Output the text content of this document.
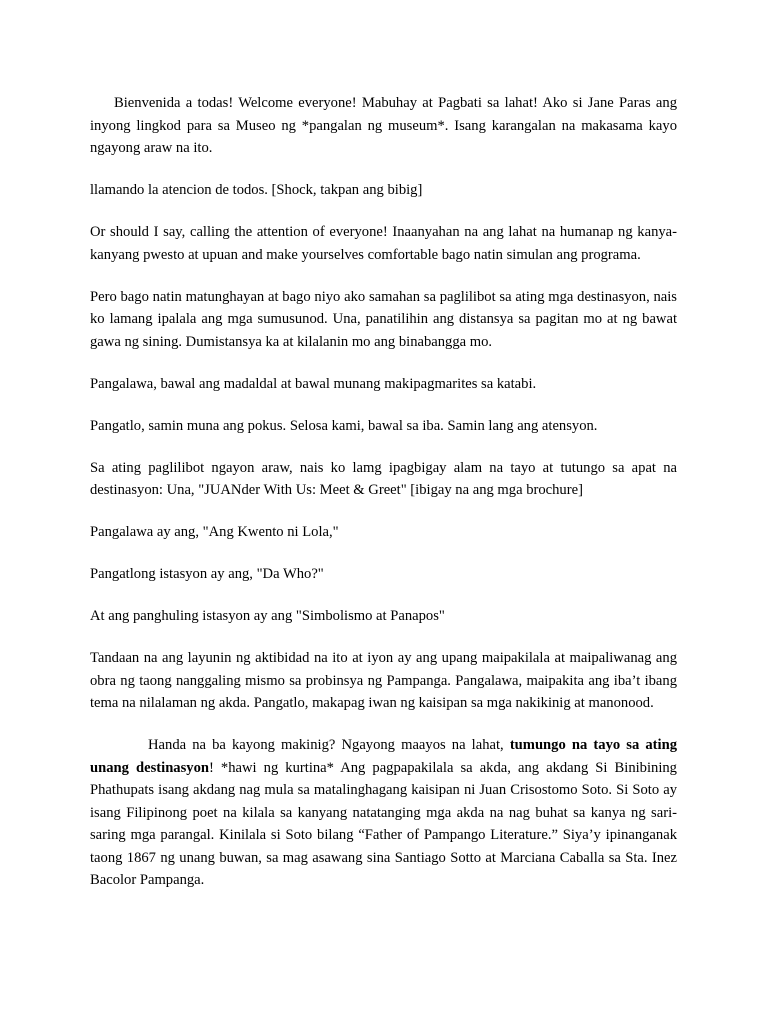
Bienvenida a todas! Welcome everyone! Mabuhay at Pagbati sa lahat! Ako si Jane Paras ang inyong lingkod para sa Museo ng *pangalan ng museum*. Isang karangalan na makasama kayo ngayong araw na ito.

llamando la atencion de todos. [Shock, takpan ang bibig]

Or should I say, calling the attention of everyone! Inaanyahan na ang lahat na humanap ng kanya-kanyang pwesto at upuan and make yourselves comfortable bago natin simulan ang programa.

Pero bago natin matunghayan at bago niyo ako samahan sa paglilibot sa ating mga destinasyon, nais ko lamang ipalala ang mga sumusunod. Una, panatilihin ang distansya sa pagitan mo at ng bawat gawa ng sining. Dumistansya ka at kilalanin mo ang binabangga mo.

Pangalawa, bawal ang madaldal at bawal munang makipagmarites sa katabi.

Pangatlo, samin muna ang pokus. Selosa kami, bawal sa iba. Samin lang ang atensyon.

Sa ating paglilibot ngayon araw, nais ko lamg ipagbigay alam na tayo at tutungo sa apat na destinasyon: Una, "JUANder With Us: Meet & Greet" [ibigay na ang mga brochure]

Pangalawa ay ang, "Ang Kwento ni Lola,"

Pangatlong istasyon ay ang, "Da Who?"

At ang panghuling istasyon ay ang "Simbolismo at Panapos"

Tandaan na ang layunin ng aktibidad na ito at iyon ay ang upang maipakilala at maipaliwanag ang obra ng taong nanggaling mismo sa probinsya ng Pampanga. Pangalawa, maipakita ang iba’t ibang tema na nilalaman ng akda. Pangatlo, makapag iwan ng kaisipan sa mga nakikinig at manonood.

Handa na ba kayong makinig? Ngayong maayos na lahat, tumungo na tayo sa ating unang destinasyon! *hawi ng kurtina* Ang pagpapakilala sa akda, ang akdang Si Binibining Phathupats isang akdang nag mula sa matalinghagang kaisipan ni Juan Crisostomo Soto. Si Soto ay isang Filipinong poet na kilala sa kanyang natatanging mga akda na nag buhat sa kanya ng sari-saring mga parangal. Kinilala si Soto bilang “Father of Pampango Literature.” Siya’y ipinanganak taong 1867 ng unang buwan, sa mag asawang sina Santiago Sotto at Marciana Caballa sa Sta. Inez Bacolor Pampanga.
